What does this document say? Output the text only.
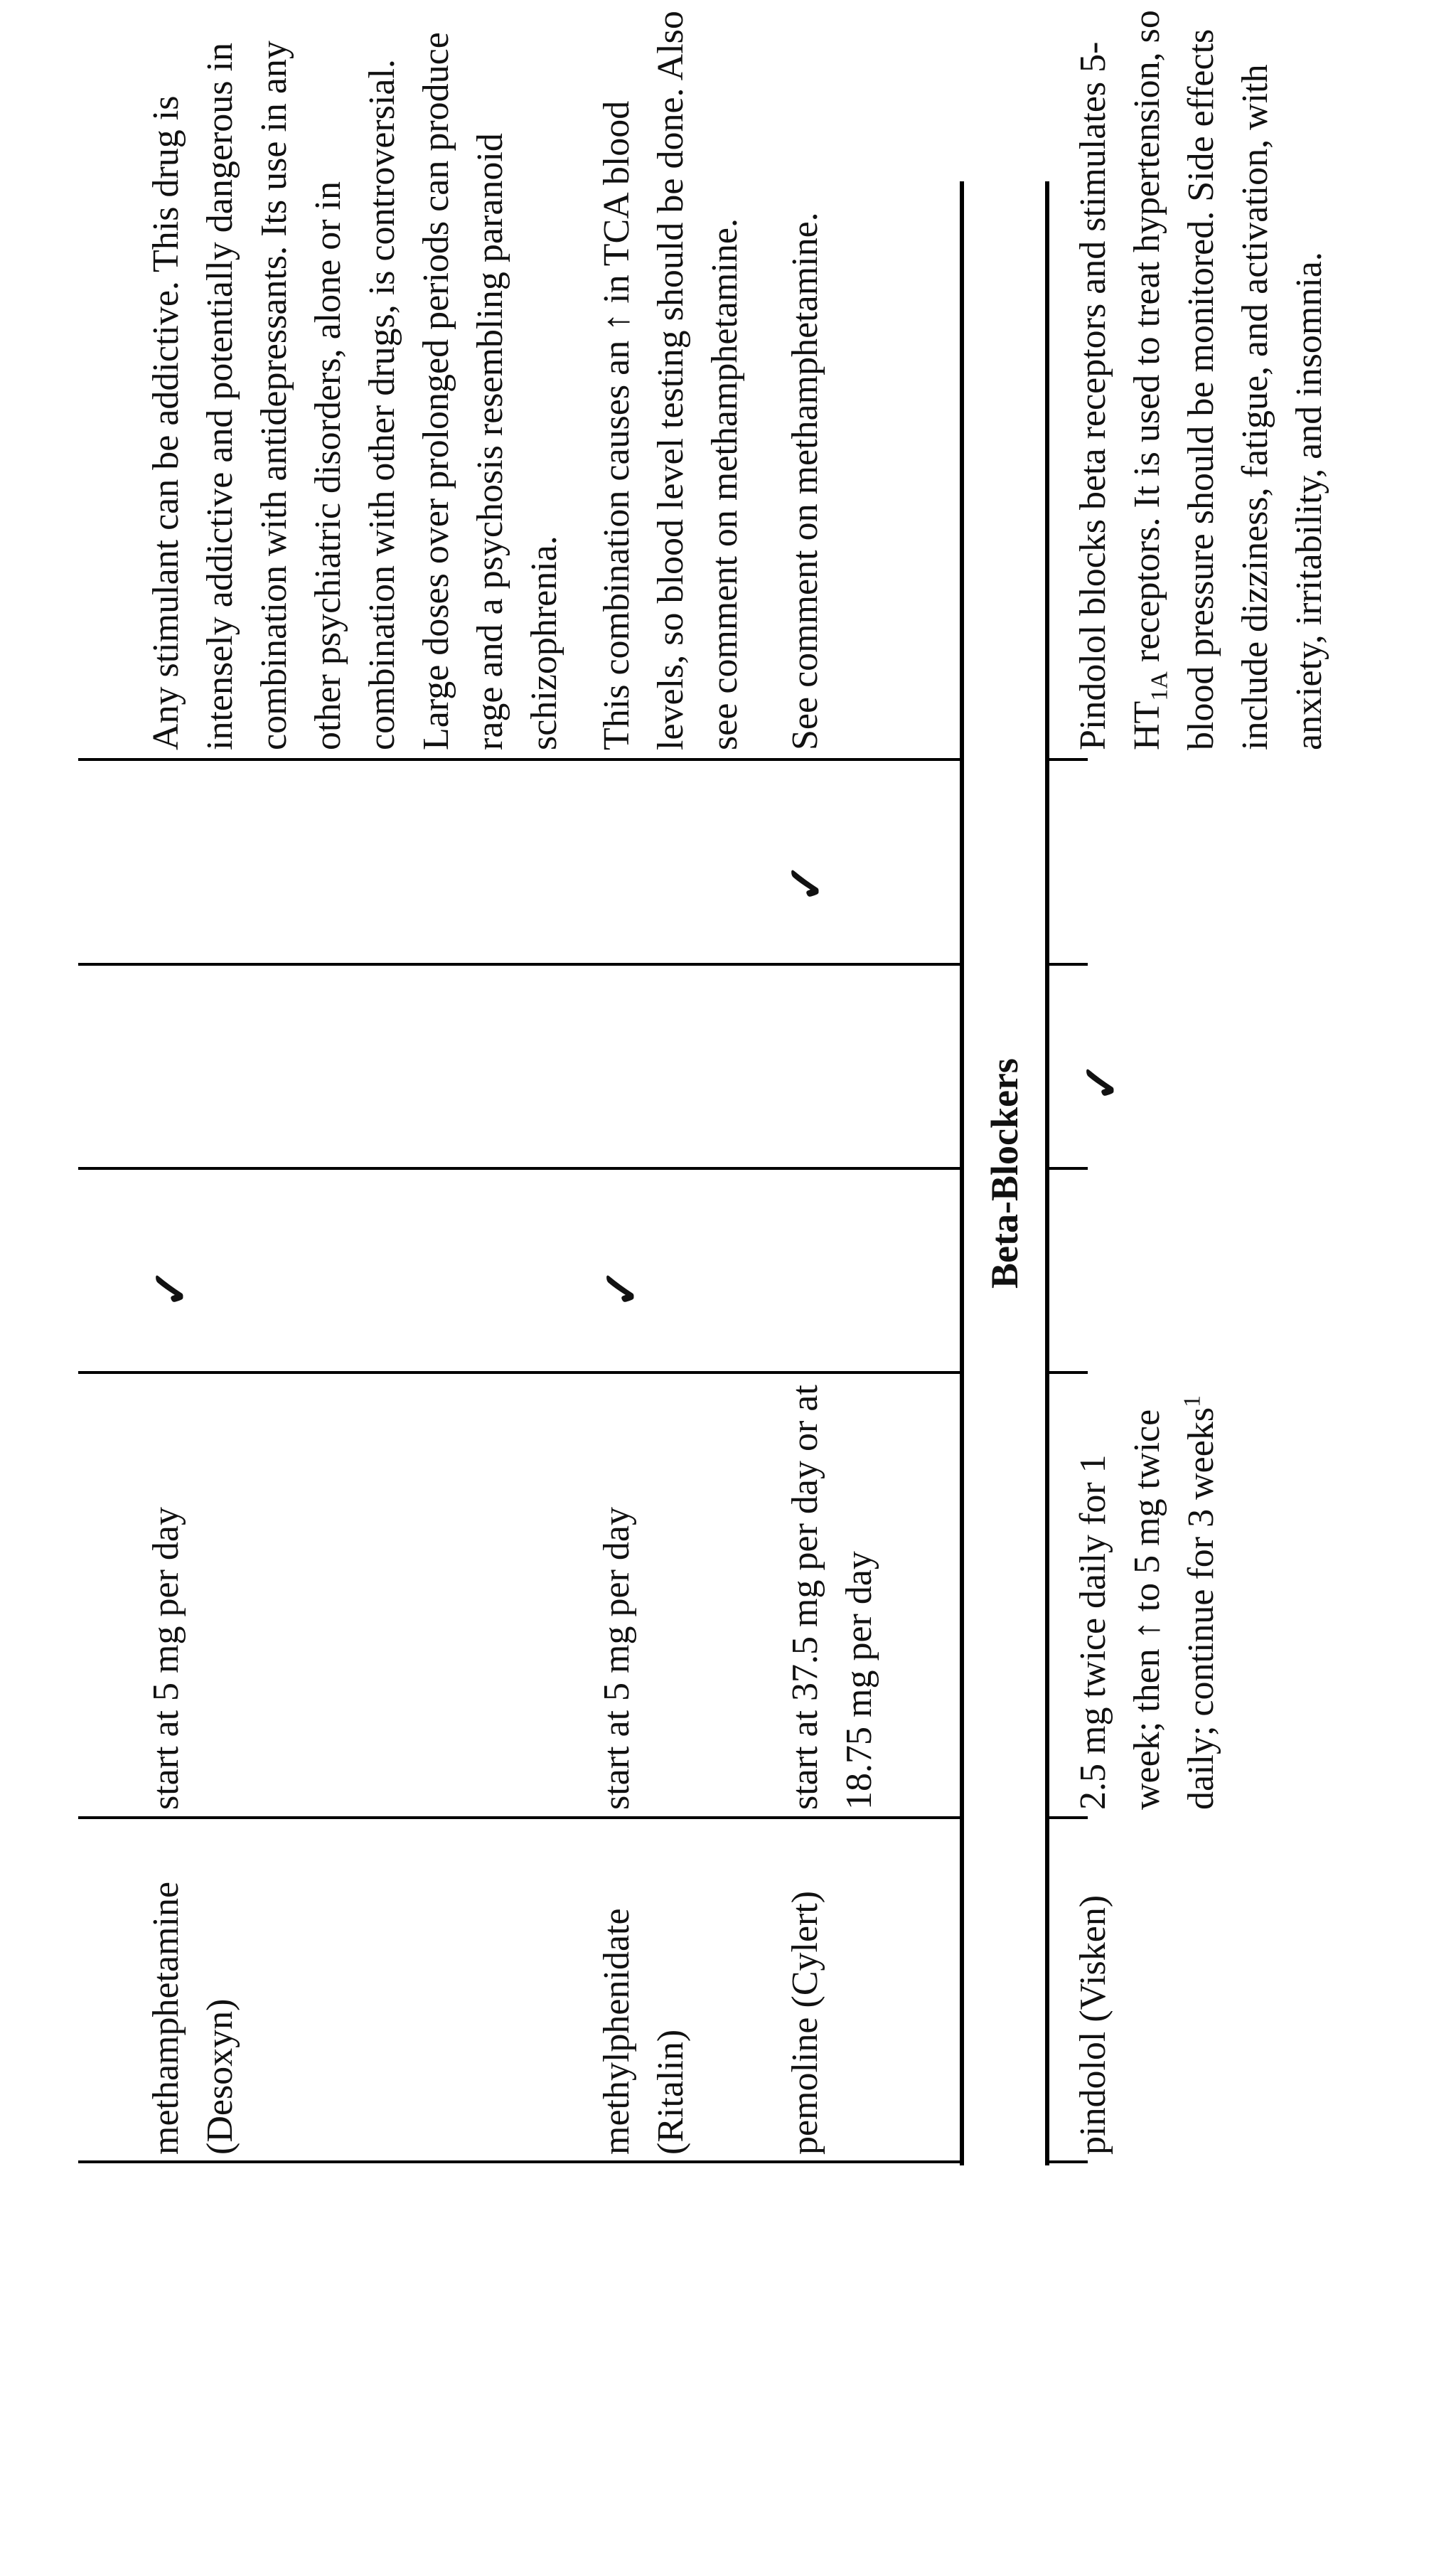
methamphetamine (Desoxyn)
start at 5 mg per day
✓
Any stimulant can be addictive. This drug is intensely addictive and potentially dangerous in combination with antidepressants. Its use in any other psychiatric disorders, alone or in combination with other drugs, is controversial. Large doses over prolonged periods can produce rage and a psychosis resembling paranoid schizophrenia.
methylphenidate (Ritalin)
start at 5 mg per day
✓
This combination causes an ↑ in TCA blood levels, so blood level testing should be done. Also see comment on methamphetamine.
pemoline (Cylert)
start at 37.5 mg per day or at 18.75 mg per day
✓
See comment on methamphetamine.
Beta-Blockers
pindolol (Visken)
2.5 mg twice daily for 1 week; then ↑ to 5 mg twice daily; continue for 3 weeks$^1$
✓
Pindolol blocks beta receptors and stimulates $5-HT_{1A}$ receptors. It is used to treat hypertension, so blood pressure should be monitored. Side effects include dizziness, fatigue, and activation, with anxiety, irritability, and insomnia.
